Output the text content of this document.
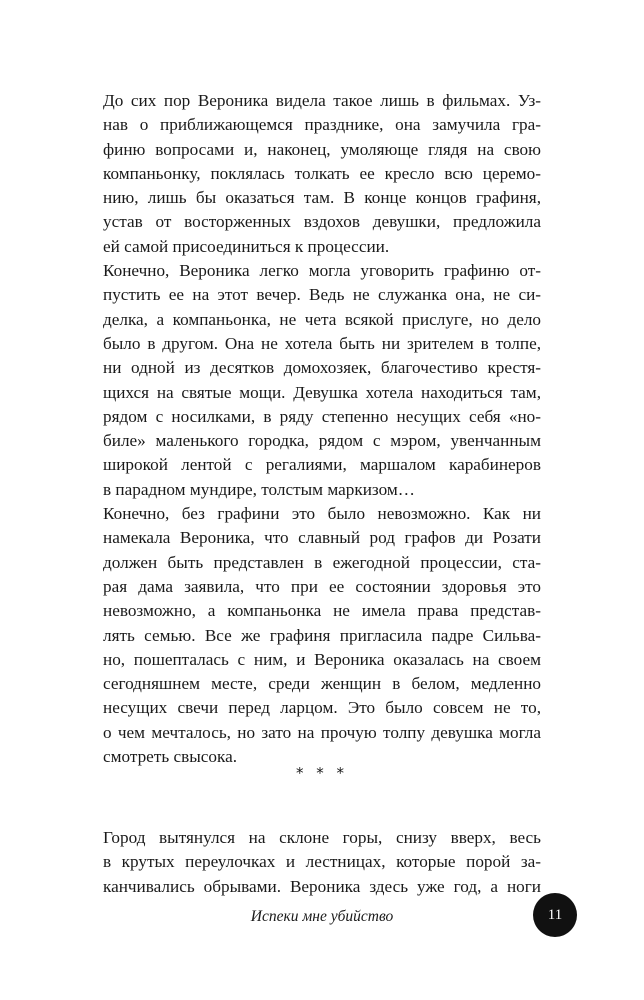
До сих пор Вероника видела такое лишь в фильмах. Уз-
нав о приближающемся празднике, она замучила гра-
финю вопросами и, наконец, умоляюще глядя на свою
компаньонку, поклялась толкать ее кресло всю церемо-
нию, лишь бы оказаться там. В конце концов графиня,
устав от восторженных вздохов девушки, предложила
ей самой присоединиться к процессии.
Конечно, Вероника легко могла уговорить графиню от-
пустить ее на этот вечер. Ведь не служанка она, не си-
делка, а компаньонка, не чета всякой прислуге, но дело
было в другом. Она не хотела быть ни зрителем в толпе,
ни одной из десятков домохозяек, благочестиво крестя-
щихся на святые мощи. Девушка хотела находиться там,
рядом с носилками, в ряду степенно несущих себя «но-
биле» маленького городка, рядом с мэром, увенчанным
широкой лентой с регалиями, маршалом карабинеров
в парадном мундире, толстым маркизом…
Конечно, без графини это было невозможно. Как ни
намекала Вероника, что славный род графов ди Розати
должен быть представлен в ежегодной процессии, ста-
рая дама заявила, что при ее состоянии здоровья это
невозможно, а компаньонка не имела права представ-
лять семью. Все же графиня пригласила падре Сильва-
но, пошепталась с ним, и Вероника оказалась на своем
сегодняшнем месте, среди женщин в белом, медленно
несущих свечи перед ларцом. Это было совсем не то,
о чем мечталось, но зато на прочую толпу девушка могла
смотреть свысока.
* * *
Город вытянулся на склоне горы, снизу вверх, весь
в крутых переулочках и лестницах, которые порой за-
канчивались обрывами. Вероника здесь уже год, а ноги
Испеки мне убийство	11
